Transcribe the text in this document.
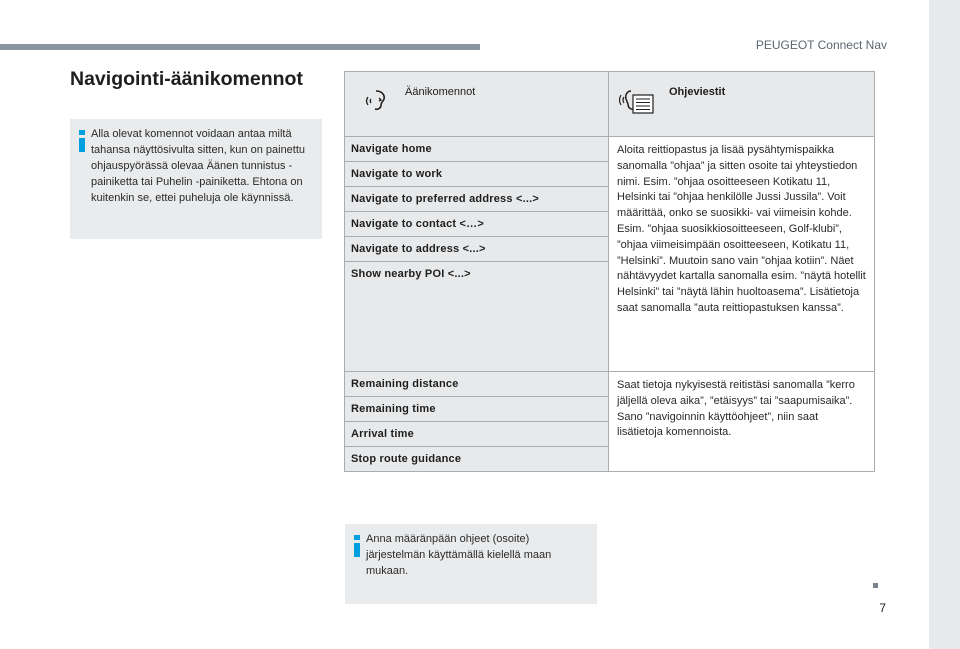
PEUGEOT Connect Nav
Navigointi-äänikomennot

Alla olevat komennot voidaan antaa miltä tahansa näyttösivulta sitten, kun on painettu ohjauspyörässä olevaa Äänen tunnistus -painiketta tai Puhelin -painiketta. Ehtona on kuitenkin se, ettei puheluja ole käynnissä.

Äänikomennot	Ohjeviestit

Navigate home	Aloita reittiopastus ja lisää pysähtymispaikka sanomalla ”ohjaa” ja sitten osoite tai yhteystiedon nimi. Esim. ”ohjaa osoitteeseen Kotikatu 11, Helsinki tai ”ohjaa henkilölle Jussi Jussila”. Voit määrittää, onko se suosikki- vai viimeisin kohde. Esim. ”ohjaa suosikkiosoitteeseen, Golf-klubi”, ”ohjaa viimeisimpään osoitteeseen, Kotikatu 11, ”Helsinki”. Muutoin sano vain ”ohjaa kotiin”. Näet nähtävyydet kartalla sanomalla esim. ”näytä hotellit Helsinki” tai ”näytä lähin huoltoasema”. Lisätietoja saat sanomalla ”auta reittiopastuksen kanssa”.
Navigate to work	
Navigate to preferred address <...>	
Navigate to contact <…>	
Navigate to address <...>	
Show nearby POI <...>	
Remaining distance	Saat tietoja nykyisestä reitistäsi sanomalla ”kerro jäljellä oleva aika”, ”etäisyys” tai ”saapumisaika”. Sano ”navigoinnin käyttöohjeet”, niin saat lisätietoja komennoista.
Remaining time	
Arrival time	
Stop route guidance	

Anna määränpään ohjeet (osoite) järjestelmän käyttämällä kielellä maan mukaan.

7
